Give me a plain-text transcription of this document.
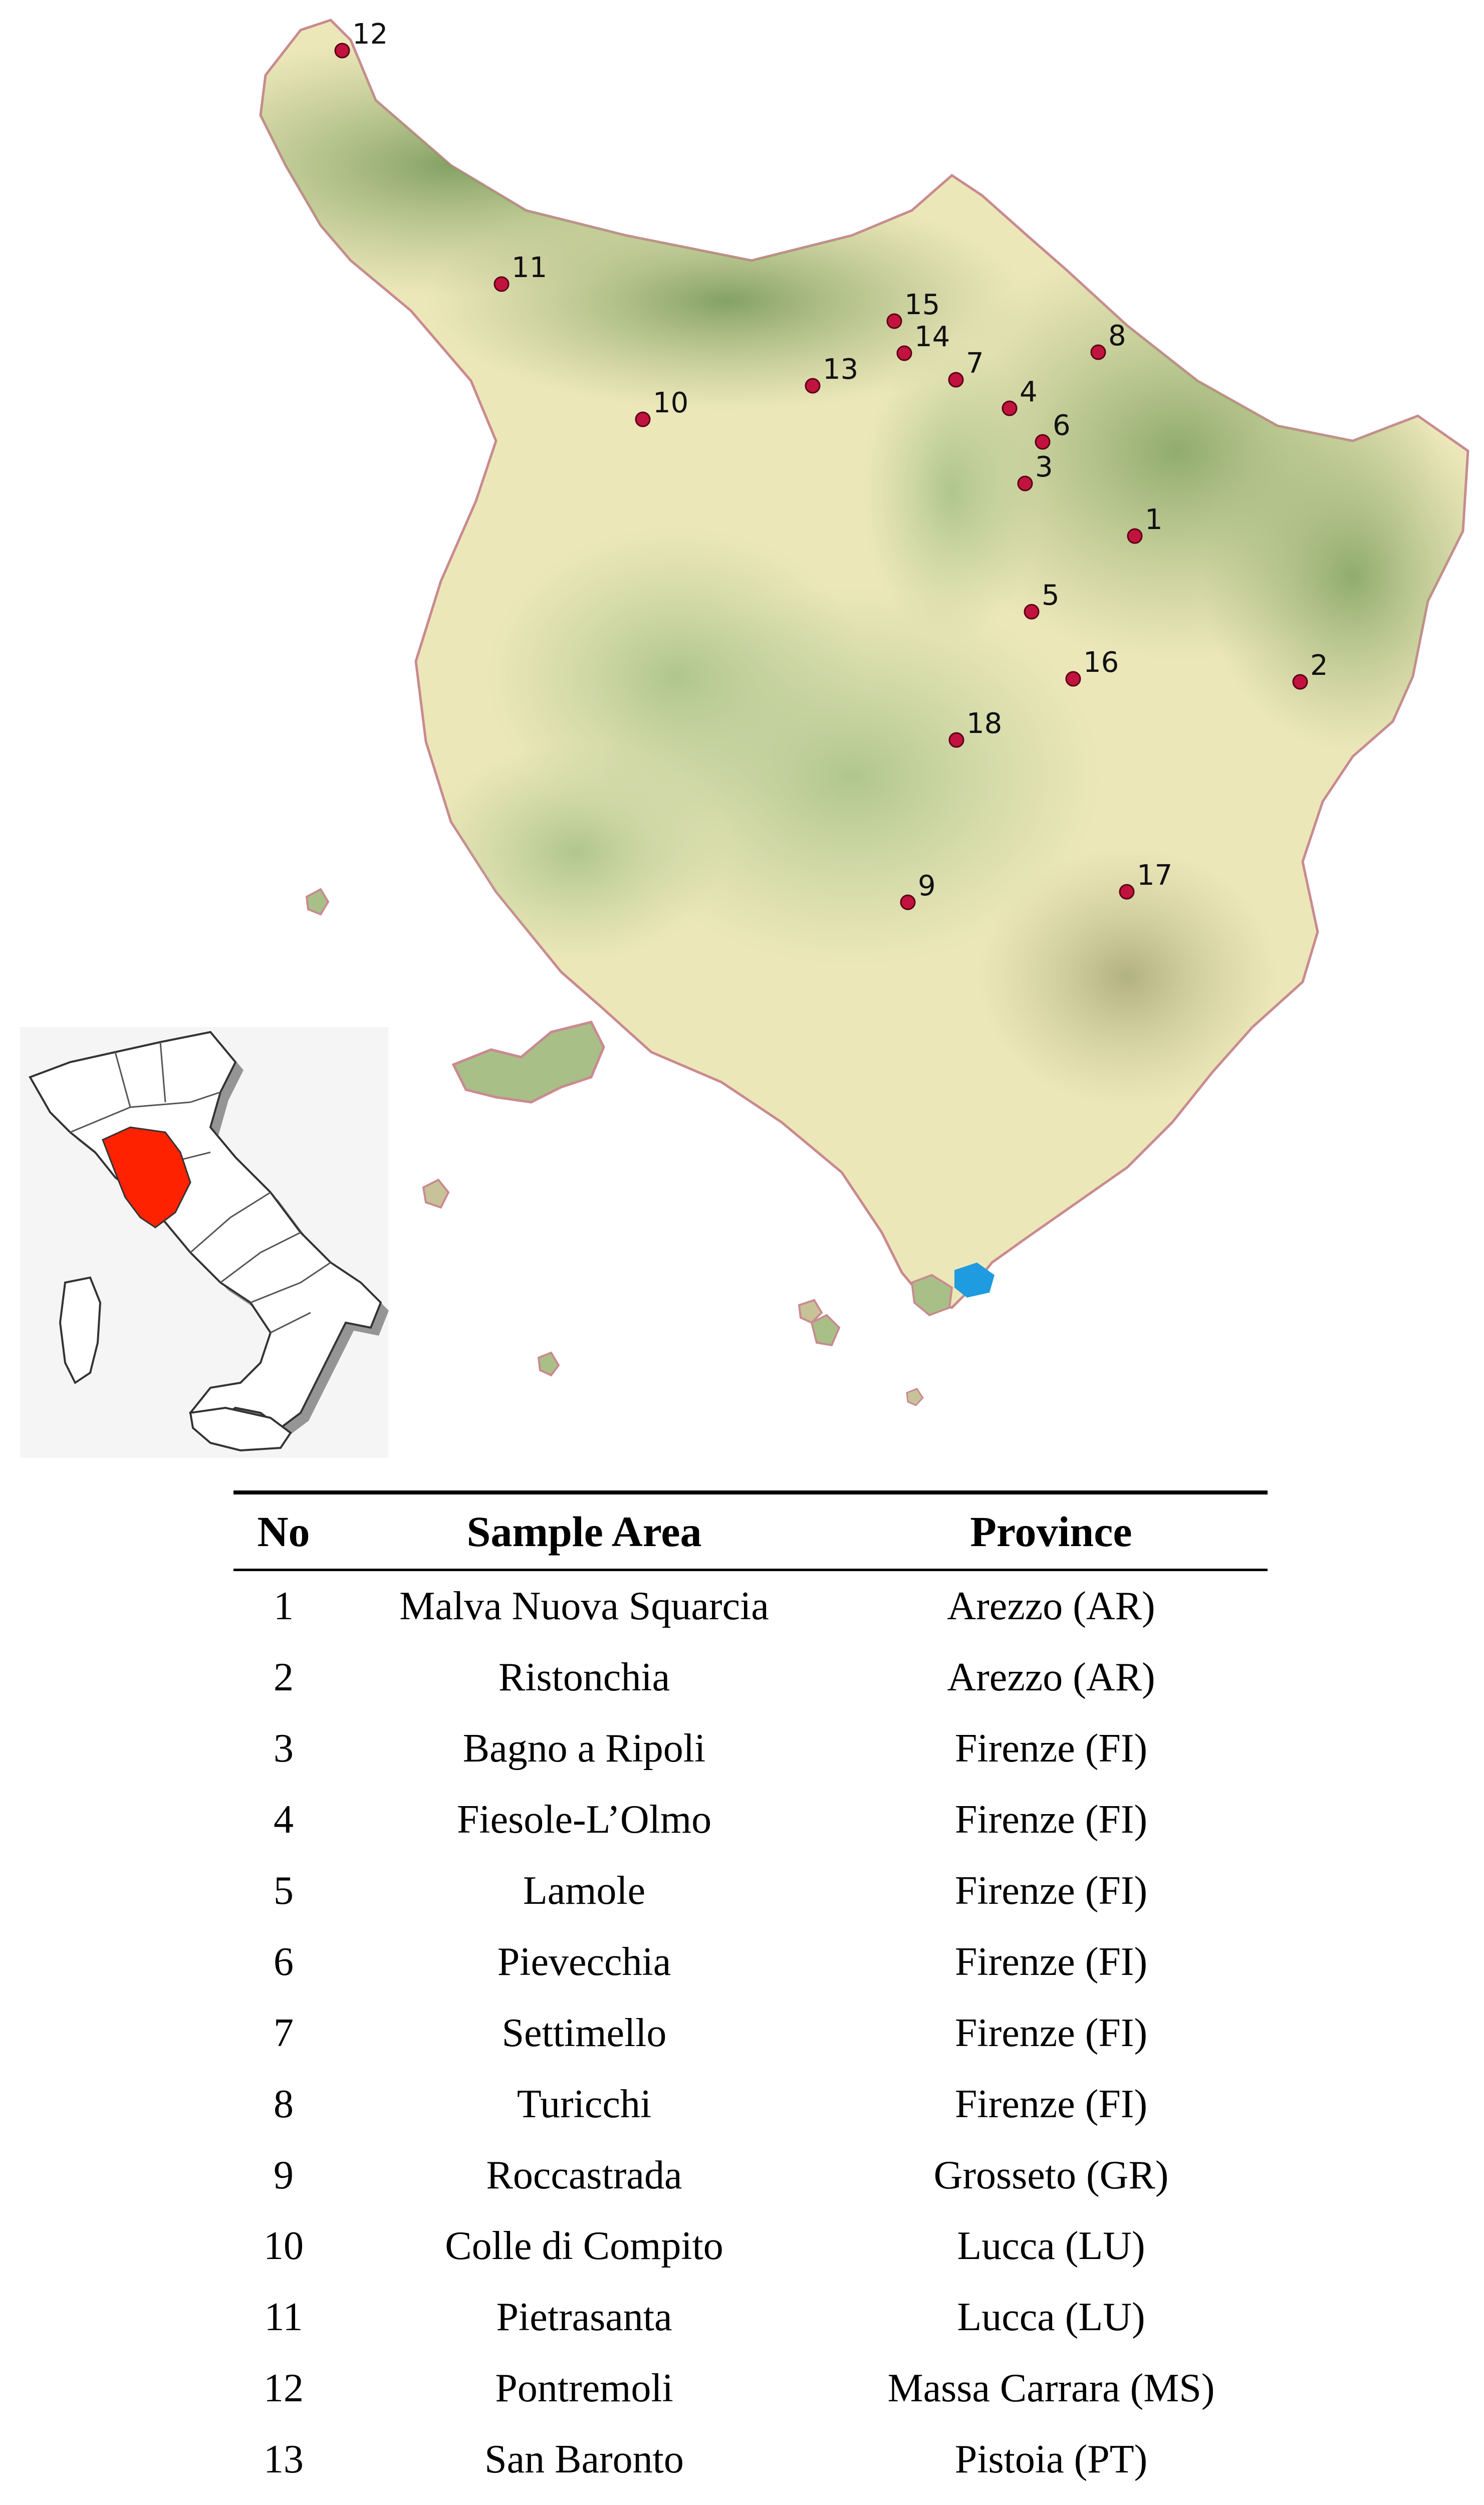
12
11
15
14
7
8
13
10	4
6
3
1
5
16	2
18
9	17
No	Sample Area	Province
1	Malva Nuova Squarcia	Arezzo (AR)
2	Ristonchia	Arezzo (AR)
3	Bagno a Ripoli	Firenze (FI)
4	Fiesole-L’Olmo	Firenze (FI)
5	Lamole	Firenze (FI)
6	Pievecchia	Firenze (FI)
7	Settimello	Firenze (FI)
8	Turicchi	Firenze (FI)
9	Roccastrada	Grosseto (GR)
10	Colle di Compito	Lucca (LU)
11	Pietrasanta	Lucca (LU)
12	Pontremoli	Massa Carrara (MS)
13	San Baronto	Pistoia (PT)
